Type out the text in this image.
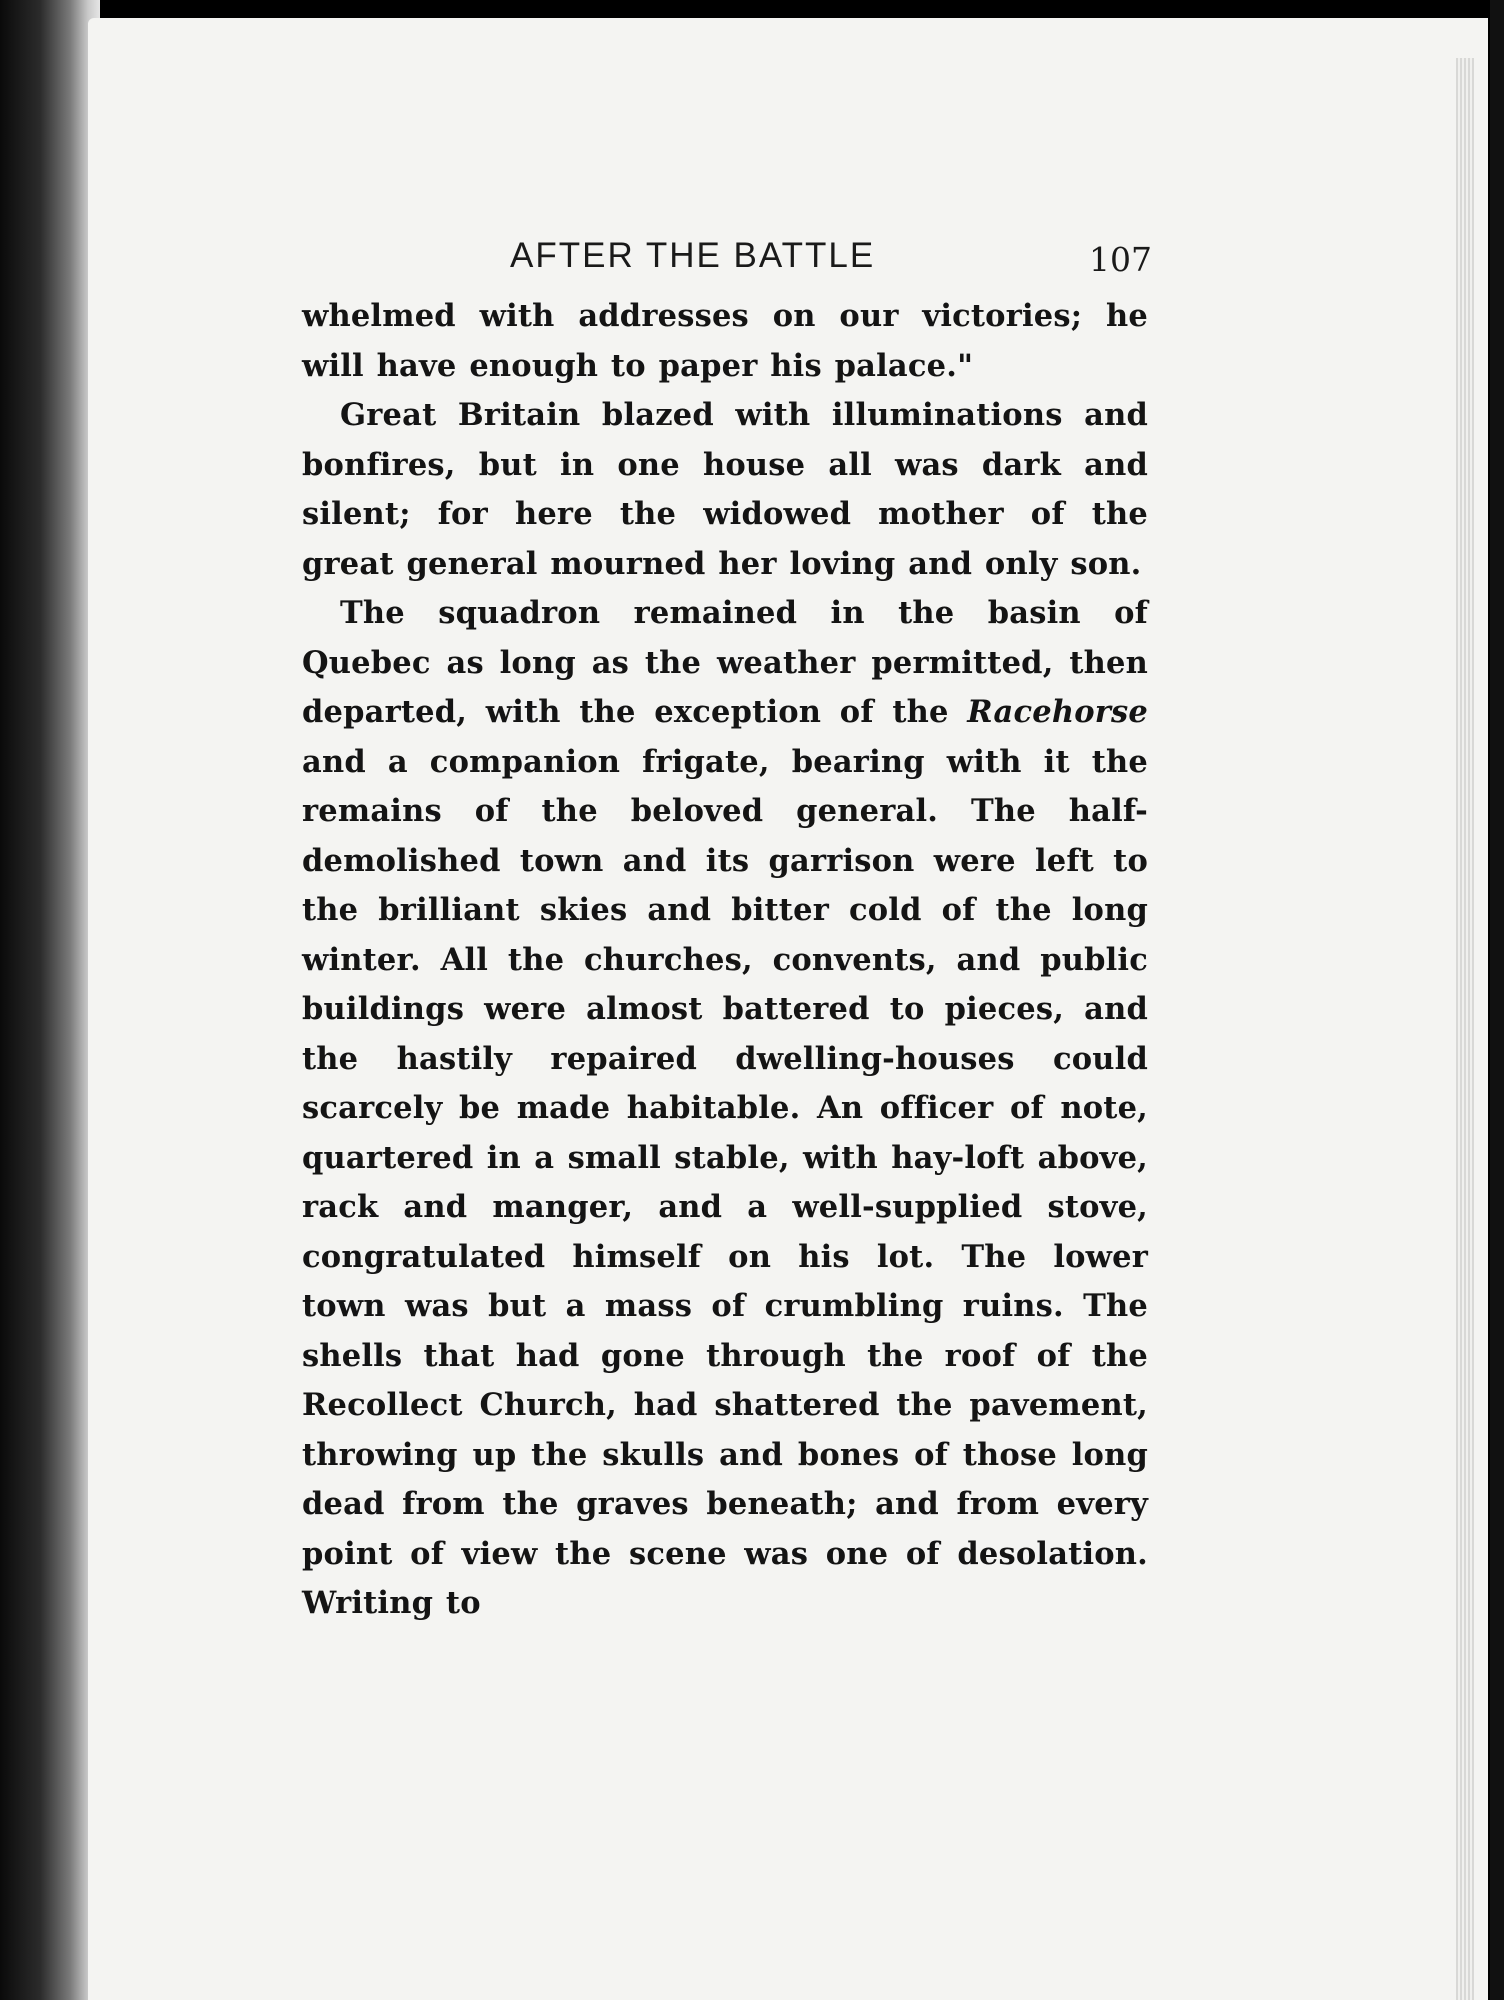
AFTER THE BATTLE	107

whelmed with addresses on our victories; he will have enough to paper his palace."

Great Britain blazed with illuminations and bonfires, but in one house all was dark and silent; for here the widowed mother of the great general mourned her loving and only son.

The squadron remained in the basin of Quebec as long as the weather permitted, then departed, with the exception of the Racehorse and a companion frigate, bearing with it the remains of the beloved general. The half-demolished town and its garrison were left to the brilliant skies and bitter cold of the long winter. All the churches, convents, and public buildings were almost battered to pieces, and the hastily repaired dwelling-houses could scarcely be made habitable. An officer of note, quartered in a small stable, with hay-loft above, rack and manger, and a well-supplied stove, congratulated himself on his lot. The lower town was but a mass of crumbling ruins. The shells that had gone through the roof of the Recollect Church, had shattered the pavement, throwing up the skulls and bones of those long dead from the graves beneath; and from every point of view the scene was one of desolation. Writing to
